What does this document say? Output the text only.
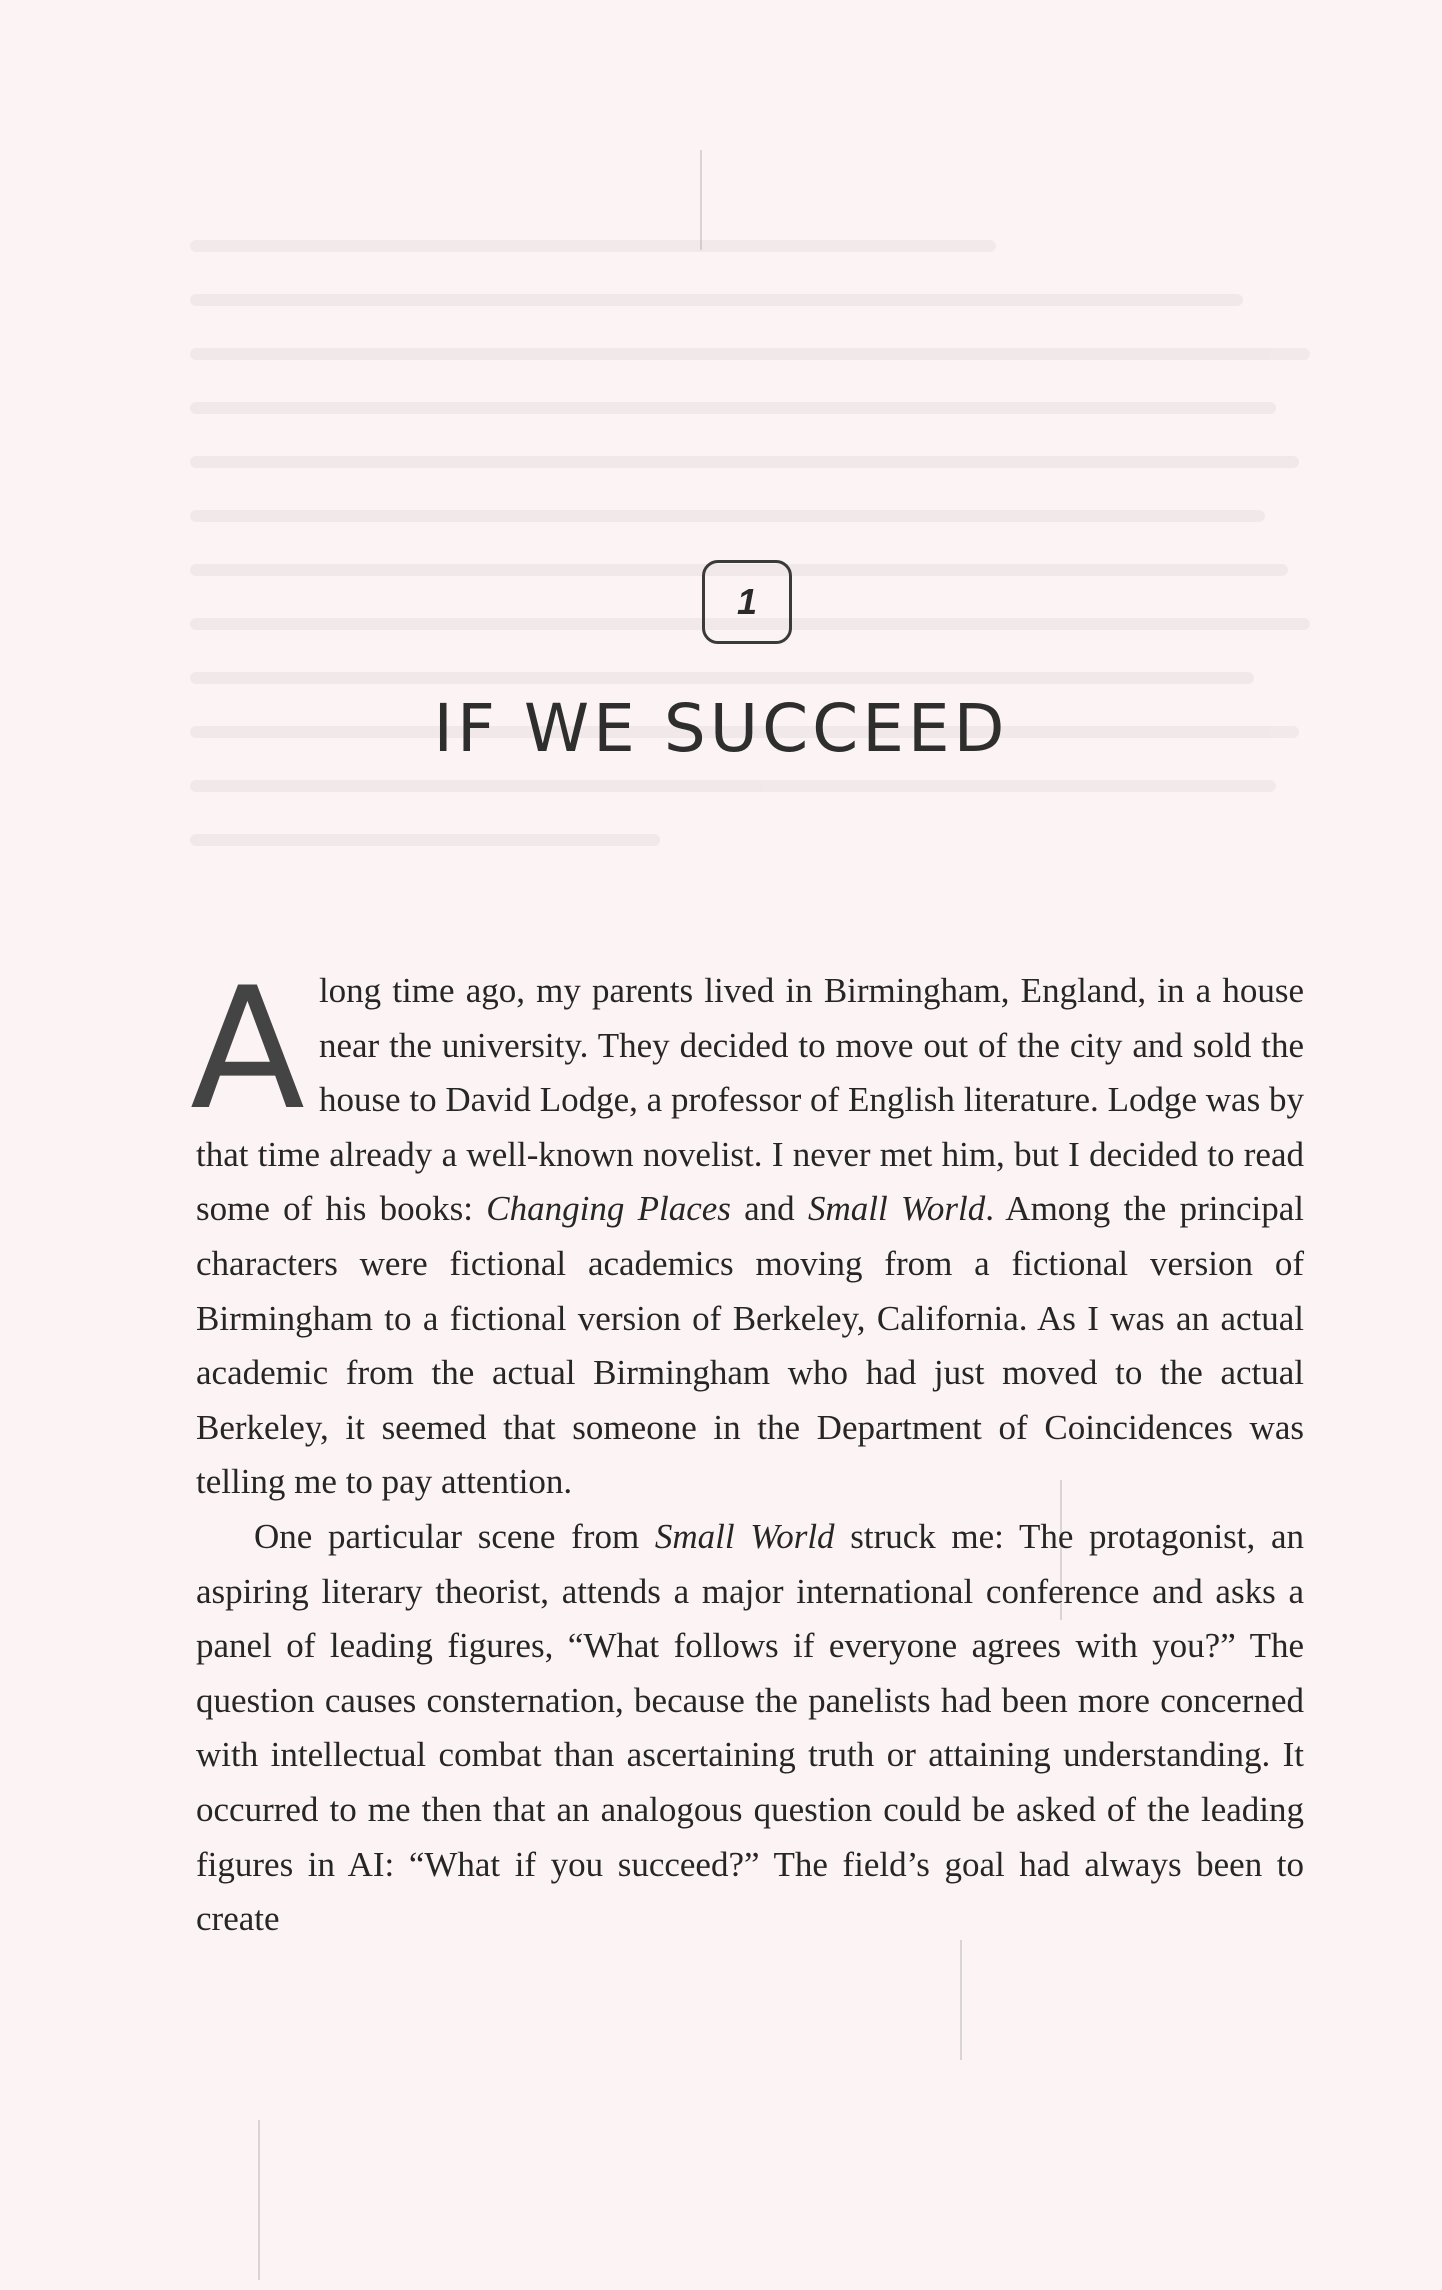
1
IF WE SUCCEED

Along time ago, my parents lived in Birmingham, England, in a house near the university. They decided to move out of the city and sold the house to David Lodge, a professor of English literature. Lodge was by that time already a well-known novelist. I never met him, but I decided to read some of his books: Changing Places and Small World. Among the principal characters were fictional academics moving from a fictional version of Birmingham to a fictional version of Berkeley, California. As I was an actual academic from the actual Birmingham who had just moved to the actual Berkeley, it seemed that someone in the Department of Coincidences was telling me to pay attention.

One particular scene from Small World struck me: The protagonist, an aspiring literary theorist, attends a major international conference and asks a panel of leading figures, “What follows if everyone agrees with you?” The question causes consternation, because the panelists had been more concerned with intellectual combat than ascertaining truth or attaining understanding. It occurred to me then that an analogous question could be asked of the leading figures in AI: “What if you succeed?” The field’s goal had always been to create
